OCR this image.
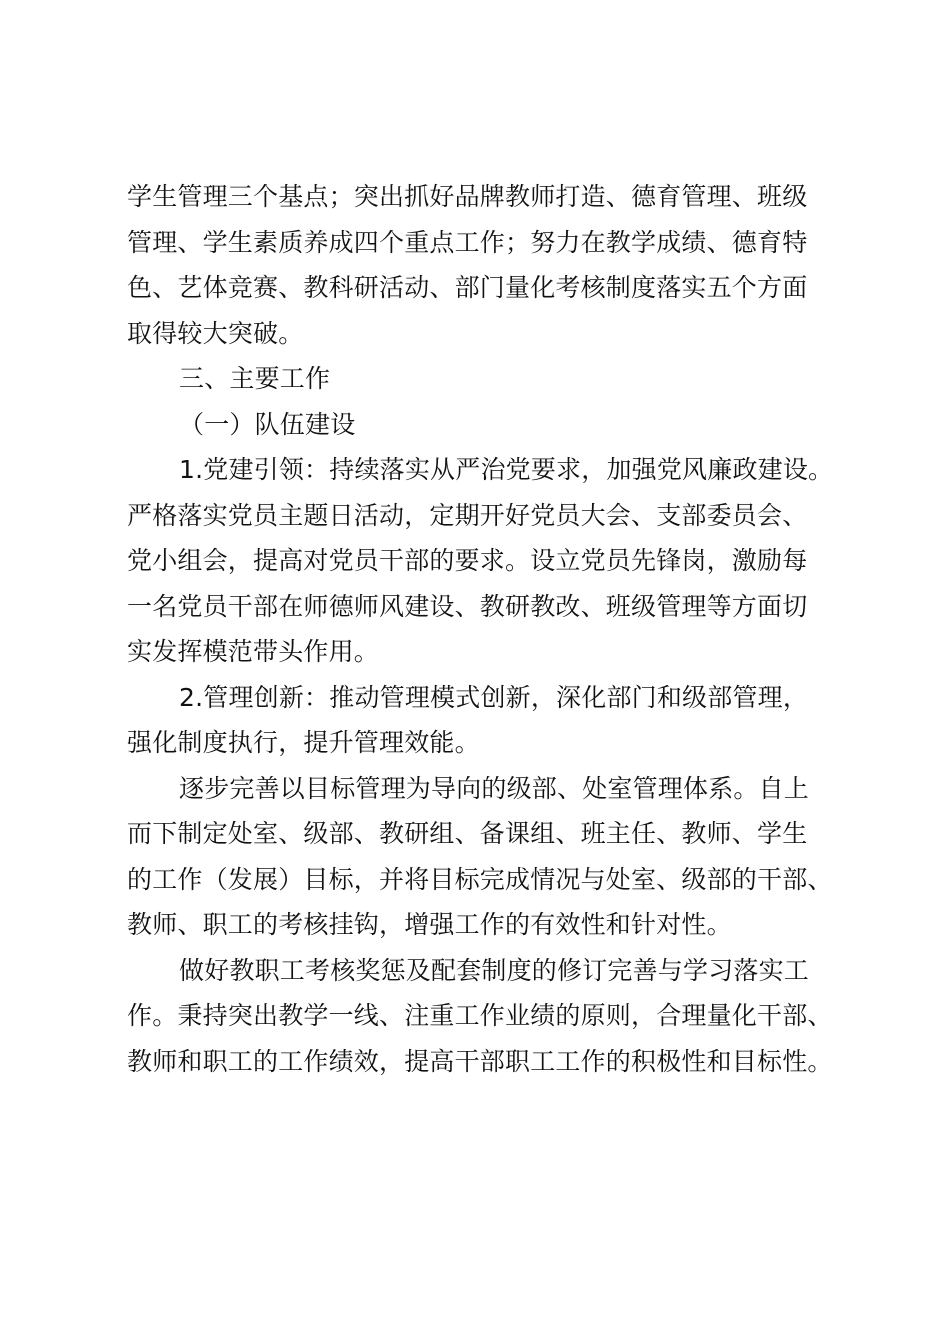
学生管理三个基点；突出抓好品牌教师打造、德育管理、班级
管理、学生素质养成四个重点工作；努力在教学成绩、德育特
色、艺体竞赛、教科研活动、部门量化考核制度落实五个方面
取得较大突破。
三、主要工作
（一）队伍建设
1.党建引领：持续落实从严治党要求，加强党风廉政建设。
严格落实党员主题日活动，定期开好党员大会、支部委员会、
党小组会，提高对党员干部的要求。设立党员先锋岗，激励每
一名党员干部在师德师风建设、教研教改、班级管理等方面切
实发挥模范带头作用。
2.管理创新：推动管理模式创新，深化部门和级部管理，
强化制度执行，提升管理效能。
逐步完善以目标管理为导向的级部、处室管理体系。自上
而下制定处室、级部、教研组、备课组、班主任、教师、学生
的工作（发展）目标，并将目标完成情况与处室、级部的干部、
教师、职工的考核挂钩，增强工作的有效性和针对性。
做好教职工考核奖惩及配套制度的修订完善与学习落实工
作。秉持突出教学一线、注重工作业绩的原则，合理量化干部、
教师和职工的工作绩效，提高干部职工工作的积极性和目标性。
